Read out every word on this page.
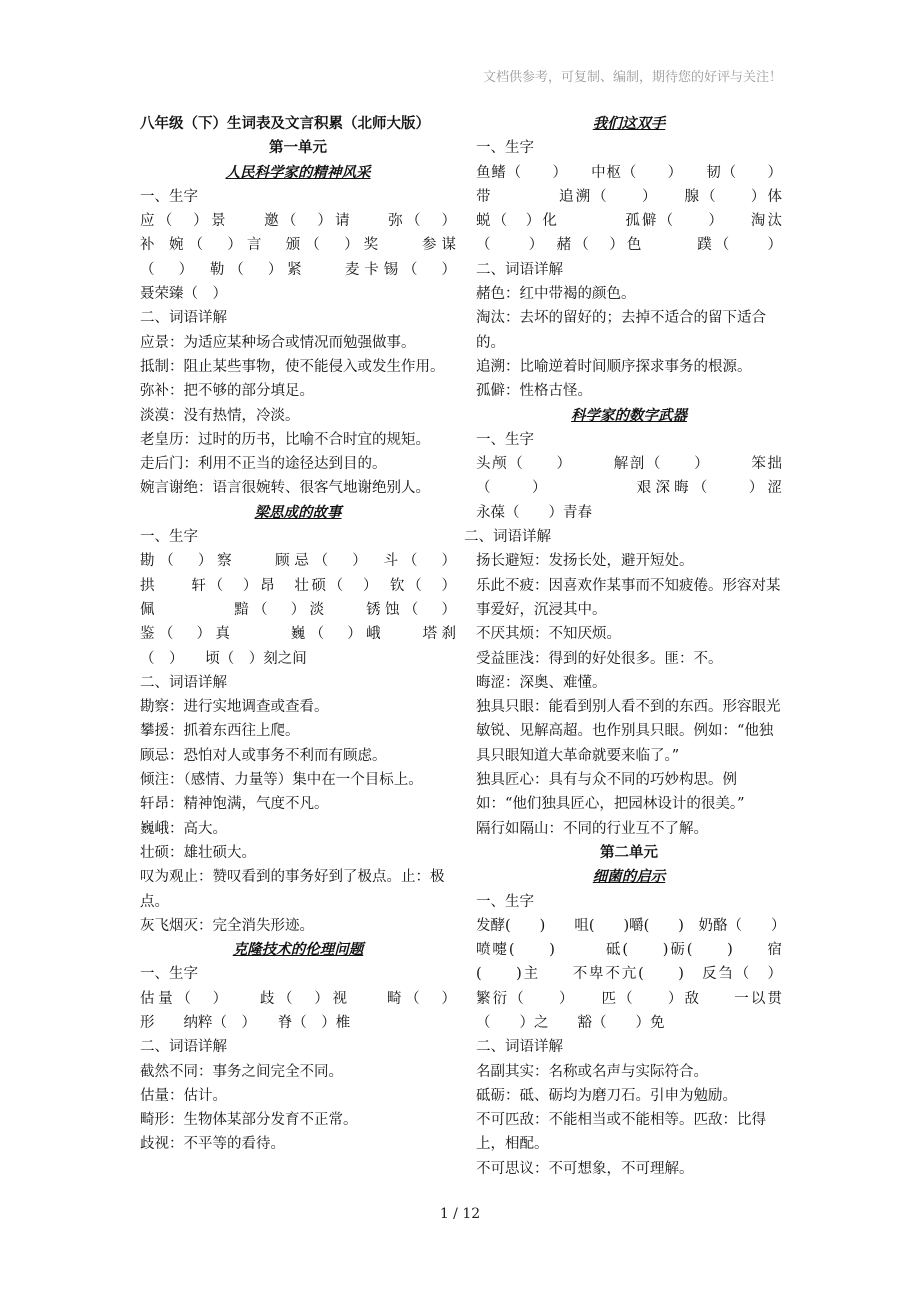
文档供参考，可复制、编制，期待您的好评与关注！
八年级（下）生词表及文言积累（北师大版）
第一单元
人民科学家的精神风采
一、生字
应（　）景　　邀（　）请　　弥（　）
补 婉（　）言　颁（　）奖　　参谋
（　）　勒（　）紧　　麦卡锡（　）
聂荣臻（　）
二、词语详解
应景：为适应某种场合或情况而勉强做事。
抵制：阻止某些事物，使不能侵入或发生作用。
弥补：把不够的部分填足。
淡漠：没有热情，冷淡。
老皇历：过时的历书，比喻不合时宜的规矩。
走后门：利用不正当的途径达到目的。
婉言谢绝：语言很婉转、很客气地谢绝别人。
梁思成的故事
一、生字
勘（　）察　　顾忌（　）　斗（　）
拱　　轩（　）昂　壮硕（　）　钦（　）
佩　　　　黯（　）淡　　锈蚀（　）
鉴（　）真　　　巍（　）峨　　塔刹
（　）　　顷（　）刻之间
二、词语详解
勘察：进行实地调查或查看。
攀援：抓着东西往上爬。
顾忌：恐怕对人或事务不利而有顾虑。
倾注：（感情、力量等）集中在一个目标上。
轩昂：精神饱满，气度不凡。
巍峨：高大。
壮硕：雄壮硕大。
叹为观止：赞叹看到的事务好到了极点。止：极点。
灰飞烟灭：完全消失形迹。
克隆技术的伦理问题
一、生字
估量（　）　　歧（　）视　　畸（　）
形　　纳粹（　）　　脊（　）椎
二、词语详解
截然不同：事务之间完全不同。
估量：估计。
畸形：生物体某部分发育不正常。
歧视：不平等的看待。
我们这双手
一、生字
鱼鳍（　　）　　中枢（　　）　　韧（　　）
带　　　　追溯（　　）　　腺（　　）体
蜕（　）化　　　　孤僻（　　）　　淘汰
（　　）　赭（　）色　　　蹼（　　）
二、词语详解
赭色：红中带褐的颜色。
淘汰：去坏的留好的；去掉不适合的留下适合的。
追溯：比喻逆着时间顺序探求事务的根源。
孤僻：性格古怪。
科学家的数字武器
一、生字
头颅（　　）　　　解剖（　　）　　　笨拙
（　　）　　　　　艰深晦（　　）涩
永葆（　　）青春
二、词语详解
扬长避短：发扬长处，避开短处。
乐此不疲：因喜欢作某事而不知疲倦。形容对某事爱好，沉浸其中。
不厌其烦：不知厌烦。
受益匪浅：得到的好处很多。匪：不。
晦涩：深奥、难懂。
独具只眼：能看到别人看不到的东西。形容眼光敏锐、见解高超。也作别具只眼。例如：“他独具只眼知道大革命就要来临了。”
独具匠心：具有与众不同的巧妙构思。例如：“他们独具匠心，把园林设计的很美。”
隔行如隔山：不同的行业互不了解。
第二单元
细菌的启示
一、生字
发酵(　　)　　咀(　　)嚼(　　)　奶酪（　　）
喷嚏(　　)　　　砥(　　)砺(　　)　　宿
(　　)主　　不卑不亢(　　)　反刍（　）
繁衍（　　）　　匹（　　）敌　　一以贯
（　　）之　　豁（　　）免
二、词语详解
名副其实：名称或名声与实际符合。
砥砺：砥、砺均为磨刀石。引申为勉励。
不可匹敌：不能相当或不能相等。匹敌：比得上，相配。
不可思议：不可想象，不可理解。
1 / 12
